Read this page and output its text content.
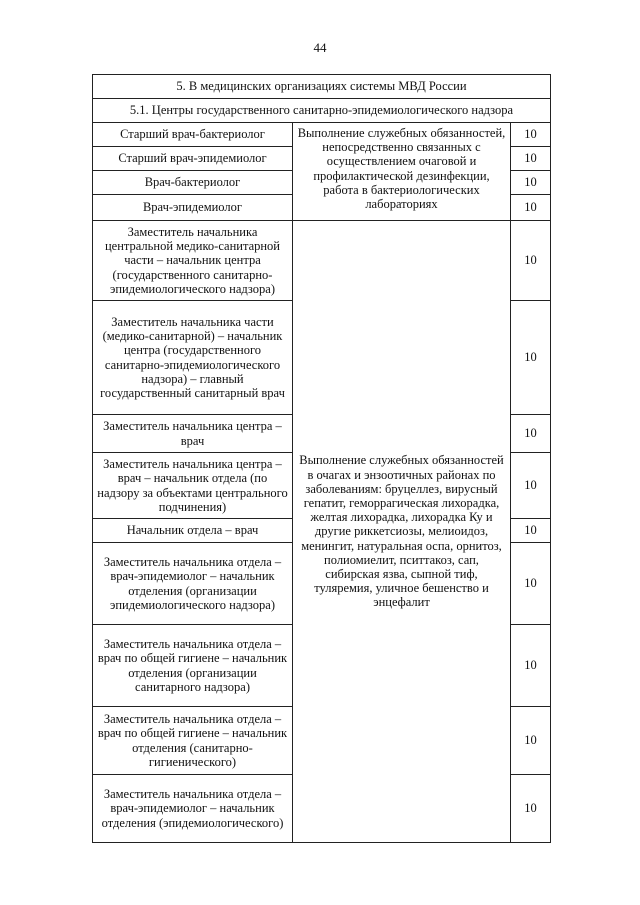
44
5. В медицинских организациях системы МВД России		
5.1. Центры государственного санитарно-эпидемиологического надзора		
Старший врач-бактериолог	Выполнение служебных обязанностей, непосредственно связанных с осуществлением очаговой и профилактической дезинфекции, работа в бактериологических лабораториях	10
Старший врач-эпидемиолог		10
Врач-бактериолог		10
Врач-эпидемиолог		10
Заместитель начальника центральной медико-санитарной части – начальник центра (государственного санитарно-эпидемиологического надзора)	Выполнение служебных обязанностей в очагах и энзоотичных районах по заболеваниям: бруцеллез, вирусный гепатит, геморрагическая лихорадка, желтая лихорадка, лихорадка Ку и другие риккетсиозы, мелиоидоз, менингит, натуральная оспа, орнитоз, полиомиелит, пситтакоз, сап, сибирская язва, сыпной тиф, туляремия, уличное бешенство и энцефалит	10
Заместитель начальника части (медико-санитарной) – начальник центра (государственного санитарно-эпидемиологического надзора) – главный государственный санитарный врач		10
Заместитель начальника центра – врач		10
Заместитель начальника центра – врач – начальник отдела (по надзору за объектами центрального подчинения)		10
Начальник отдела – врач		10
Заместитель начальника отдела – врач-эпидемиолог – начальник отделения (организации эпидемиологического надзора)		10
Заместитель начальника отдела – врач по общей гигиене – начальник отделения (организации санитарного надзора)		10
Заместитель начальника отдела – врач по общей гигиене – начальник отделения (санитарно-гигиенического)		10
Заместитель начальника отдела – врач-эпидемиолог – начальник отделения (эпидемиологического)		10
